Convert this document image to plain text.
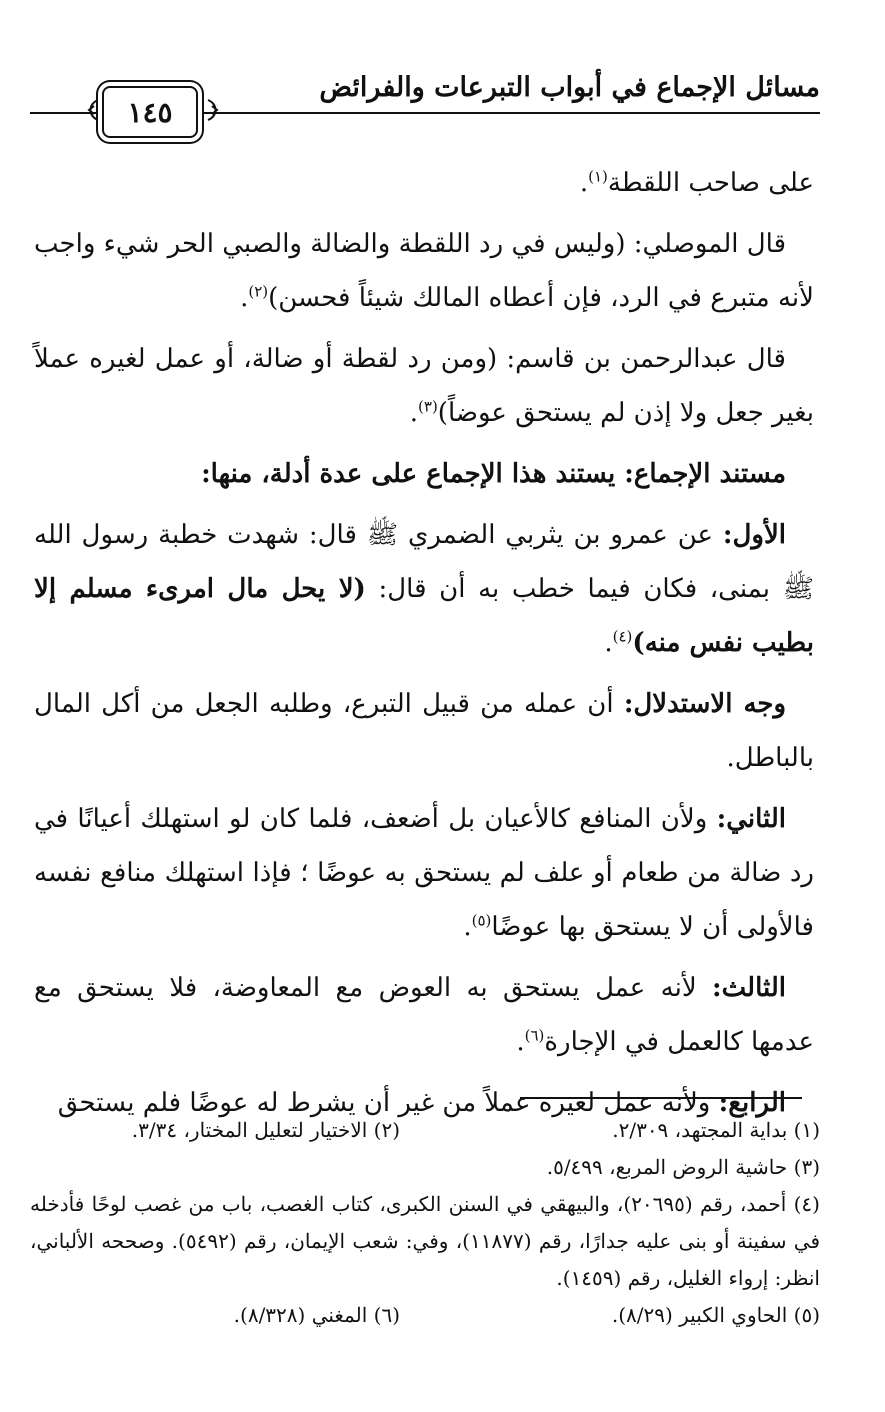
مسائل الإجماع في أبواب التبرعات والفرائض
١٤٥

على صاحب اللقطة$^{(١)}$.

قال الموصلي: (وليس في رد اللقطة والضالة والصبي الحر شيء واجب لأنه متبرع في الرد، فإن أعطاه المالك شيئاً فحسن)$^{(٢)}$.

قال عبدالرحمن بن قاسم: (ومن رد لقطة أو ضالة، أو عمل لغيره عملاً بغير جعل ولا إذن لم يستحق عوضاً)$^{(٣)}$.

مستند الإجماع: يستند هذا الإجماع على عدة أدلة، منها:

الأول: عن عمرو بن يثربي الضمري ﷺ قال: شهدت خطبة رسول الله ﷺ بمنى، فكان فيما خطب به أن قال: (لا يحل مال امرىء مسلم إلا بطيب نفس منه)$^{(٤)}$.

وجه الاستدلال: أن عمله من قبيل التبرع، وطلبه الجعل من أكل المال بالباطل.

الثاني: ولأن المنافع كالأعيان بل أضعف، فلما كان لو استهلك أعيانًا في رد ضالة من طعام أو علف لم يستحق به عوضًا ؛ فإذا استهلك منافع نفسه فالأولى أن لا يستحق بها عوضًا$^{(٥)}$.

الثالث: لأنه عمل يستحق به العوض مع المعاوضة، فلا يستحق مع عدمها كالعمل في الإجارة$^{(٦)}$.

الرابع: ولأنه عمل لغيره عملاً من غير أن يشرط له عوضًا فلم يستحق

(١) بداية المجتهد، ٢/٣٠٩.
(٢) الاختيار لتعليل المختار، ٣/٣٤.
(٣) حاشية الروض المربع، ٥/٤٩٩.
(٤) أحمد، رقم (٢٠٦٩٥)، والبيهقي في السنن الكبرى، كتاب الغصب، باب من غصب لوحًا فأدخله في سفينة أو بنى عليه جدارًا، رقم (١١٨٧٧)، وفي: شعب الإيمان، رقم (٥٤٩٢). وصححه الألباني، انظر: إرواء الغليل، رقم (١٤٥٩).
(٥) الحاوي الكبير (٨/٢٩).
(٦) المغني (٨/٣٢٨).
